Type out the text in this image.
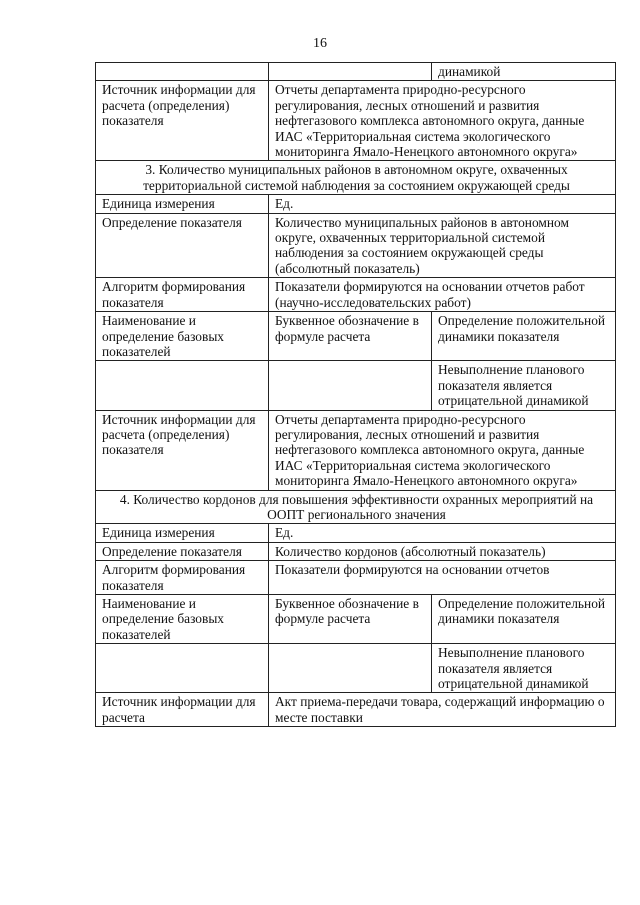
16
		динамикой
Источник информации для расчета (определения) показателя	Отчеты департамента природно-ресурсного регулирования, лесных отношений и развития нефтегазового комплекса автономного округа, данные ИАС «Территориальная система экологического мониторинга Ямало-Ненецкого автономного округа»	
3. Количество муниципальных районов в автономном округе, охваченных территориальной системой наблюдения за состоянием окружающей среды		
Единица измерения	Ед.	
Определение показателя	Количество муниципальных районов в автономном округе, охваченных территориальной системой наблюдения за состоянием окружающей среды (абсолютный показатель)	
Алгоритм формирования показателя	Показатели формируются на основании отчетов работ (научно-исследовательских работ)	
Наименование и определение базовых показателей	Буквенное обозначение в формуле расчета	Определение положительной динамики показателя
		Невыполнение планового показателя является отрицательной динамикой
Источник информации для расчета (определения) показателя	Отчеты департамента природно-ресурсного регулирования, лесных отношений и развития нефтегазового комплекса автономного округа, данные ИАС «Территориальная система экологического мониторинга Ямало-Ненецкого автономного округа»	
4. Количество кордонов для повышения эффективности охранных мероприятий на ООПТ регионального значения		
Единица измерения	Ед.	
Определение показателя	Количество кордонов (абсолютный показатель)	
Алгоритм формирования показателя	Показатели формируются на основании отчетов	
Наименование и определение базовых показателей	Буквенное обозначение в формуле расчета	Определение положительной динамики показателя
		Невыполнение планового показателя является отрицательной динамикой
Источник информации для расчета	Акт приема-передачи товара, содержащий информацию о месте поставки	
